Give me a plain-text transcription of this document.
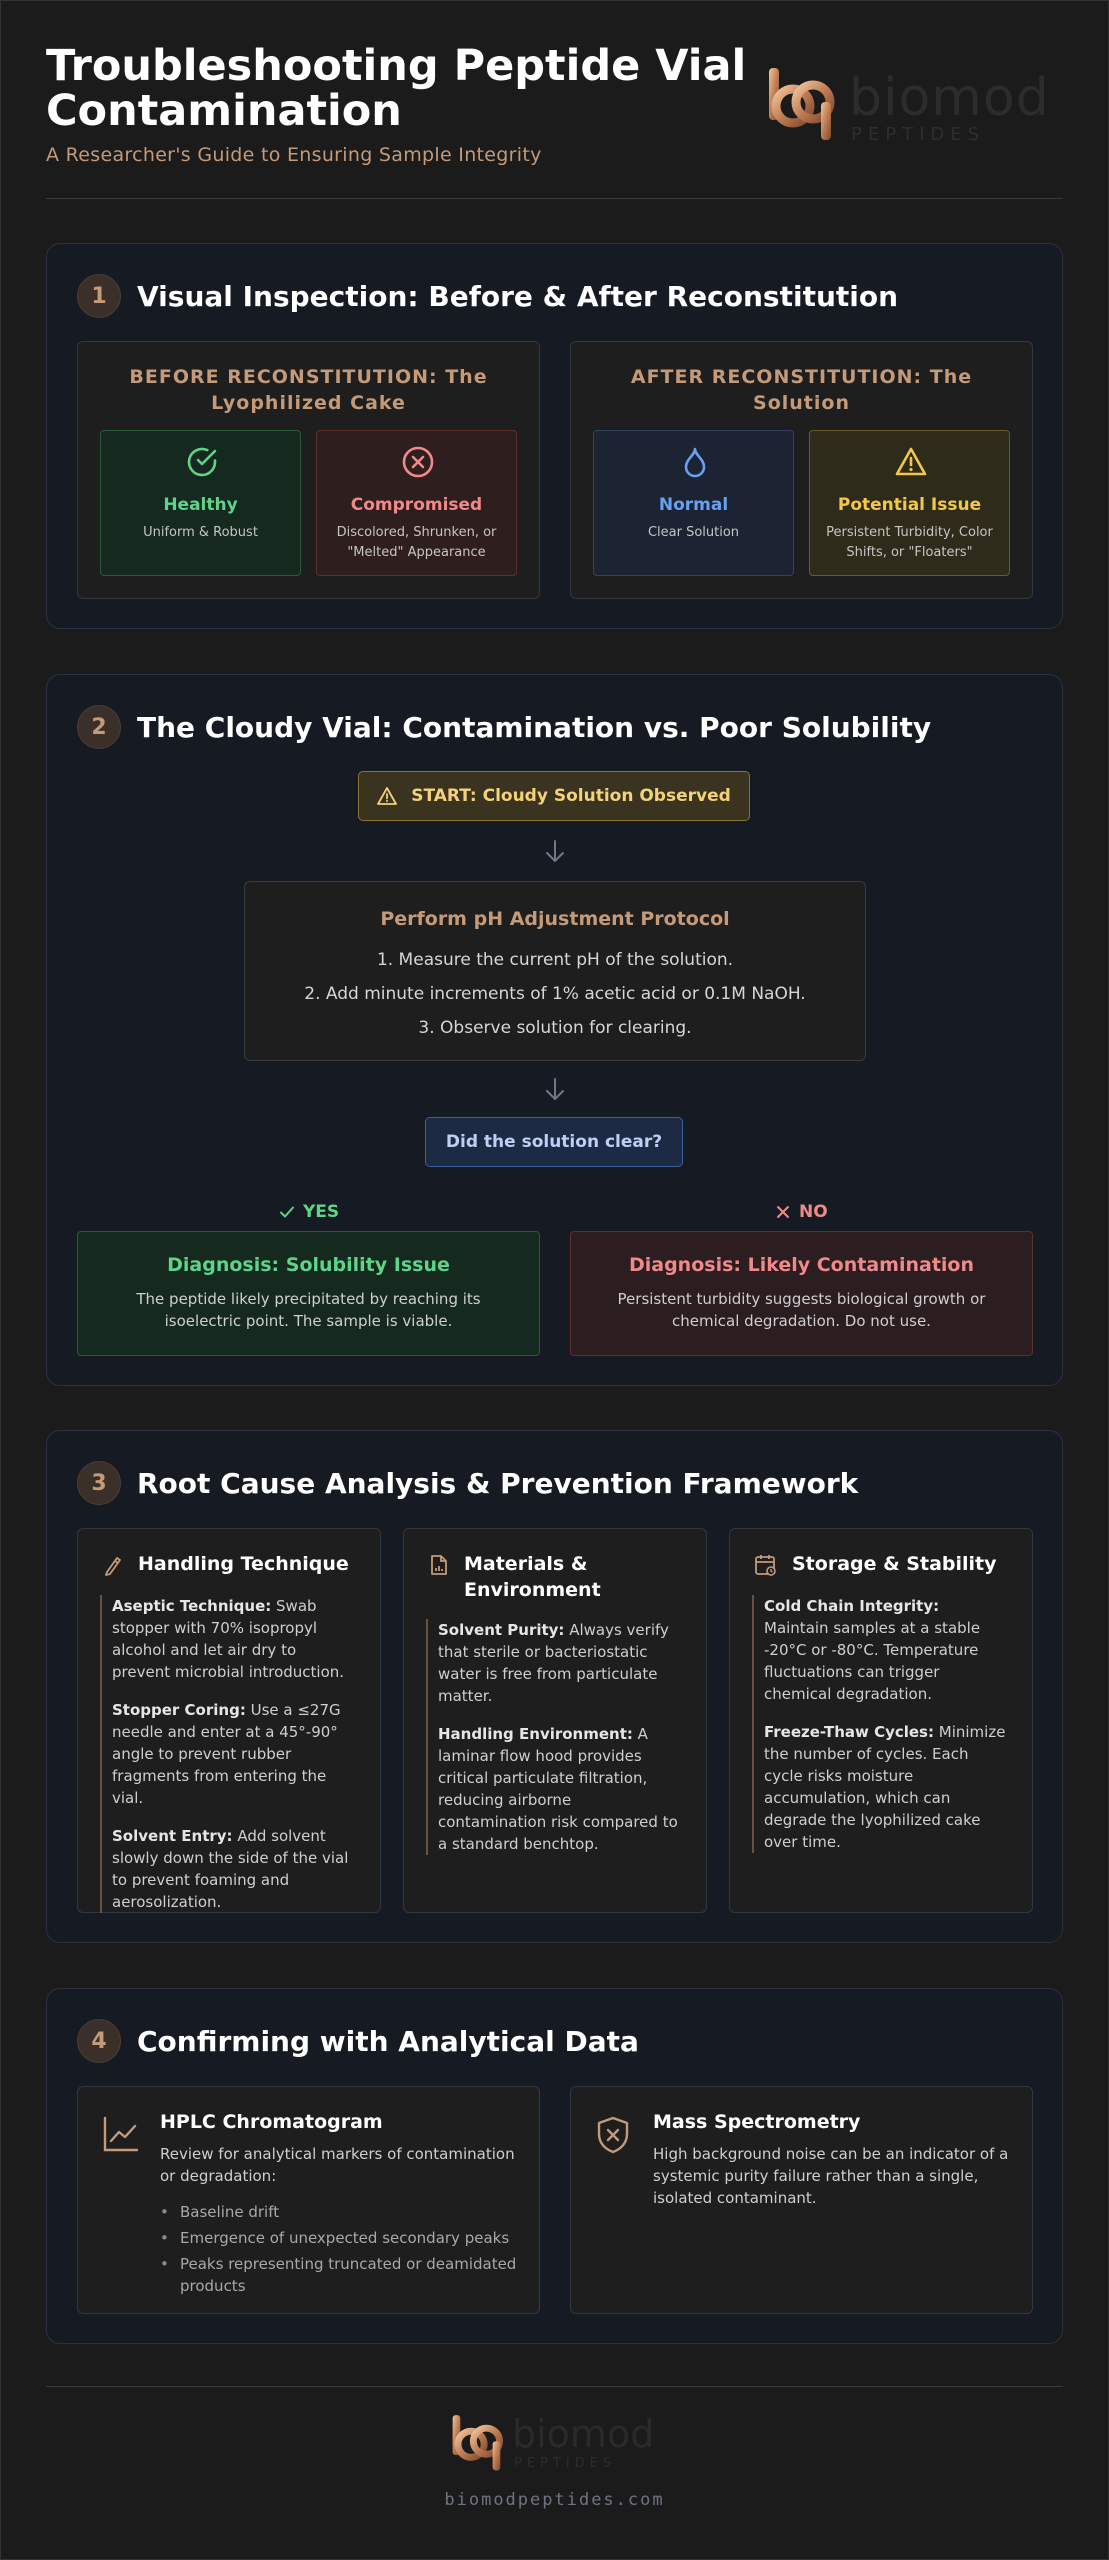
Troubleshooting Peptide Vial Contamination
A Researcher's Guide to Ensuring Sample Integrity
biomod
PEPTIDES
1	Visual Inspection: Before & After Reconstitution
BEFORE RECONSTITUTION: The Lyophilized Cake
Healthy
Uniform & Robust
Compromised
Discolored, Shrunken, or "Melted" Appearance
AFTER RECONSTITUTION: The Solution
Normal
Clear Solution
Potential Issue
Persistent Turbidity, Color Shifts, or "Floaters"
2	The Cloudy Vial: Contamination vs. Poor Solubility
START: Cloudy Solution Observed
Perform pH Adjustment Protocol
1. Measure the current pH of the solution.
2. Add minute increments of 1% acetic acid or 0.1M NaOH.
3. Observe solution for clearing.
Did the solution clear?
YES	NO
Diagnosis: Solubility Issue
The peptide likely precipitated by reaching its isoelectric point. The sample is viable.
Diagnosis: Likely Contamination
Persistent turbidity suggests biological growth or chemical degradation. Do not use.
3	Root Cause Analysis & Prevention Framework
Handling Technique
Aseptic Technique: Swab stopper with 70% isopropyl alcohol and let air dry to prevent microbial introduction.
Stopper Coring: Use a ≤27G needle and enter at a 45°-90° angle to prevent rubber fragments from entering the vial.
Solvent Entry: Add solvent slowly down the side of the vial to prevent foaming and aerosolization.
Materials & Environment
Solvent Purity: Always verify that sterile or bacteriostatic water is free from particulate matter.
Handling Environment: A laminar flow hood provides critical particulate filtration, reducing airborne contamination risk compared to a standard benchtop.
Storage & Stability
Cold Chain Integrity: Maintain samples at a stable -20°C or -80°C. Temperature fluctuations can trigger chemical degradation.
Freeze-Thaw Cycles: Minimize the number of cycles. Each cycle risks moisture accumulation, which can degrade the lyophilized cake over time.
4	Confirming with Analytical Data
HPLC Chromatogram
Review for analytical markers of contamination or degradation:
• Baseline drift
• Emergence of unexpected secondary peaks
• Peaks representing truncated or deamidated products
Mass Spectrometry
High background noise can be an indicator of a systemic purity failure rather than a single, isolated contaminant.
biomod
PEPTIDES
biomodpeptides.com
